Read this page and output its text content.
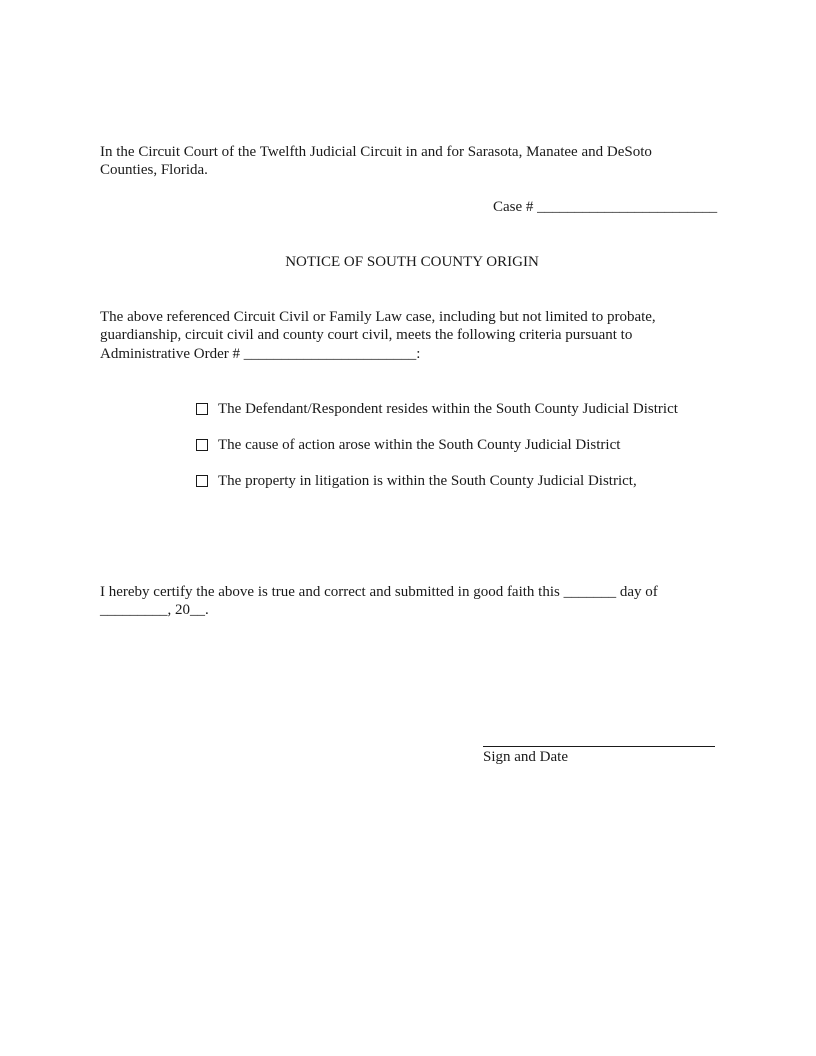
In the Circuit Court of the Twelfth Judicial Circuit in and for Sarasota, Manatee and DeSoto
Counties, Florida.
Case # ________________________
NOTICE OF SOUTH COUNTY ORIGIN
The above referenced Circuit Civil or Family Law case, including but not limited to probate,
guardianship, circuit civil and county court civil, meets the following criteria pursuant to
Administrative Order # _______________________:
The Defendant/Respondent resides within the South County Judicial District
The cause of action arose within the South County Judicial District
The property in litigation is within the South County Judicial District,
I hereby certify the above is true and correct and submitted in good faith this _______ day of
_________, 20__.
Sign and Date
